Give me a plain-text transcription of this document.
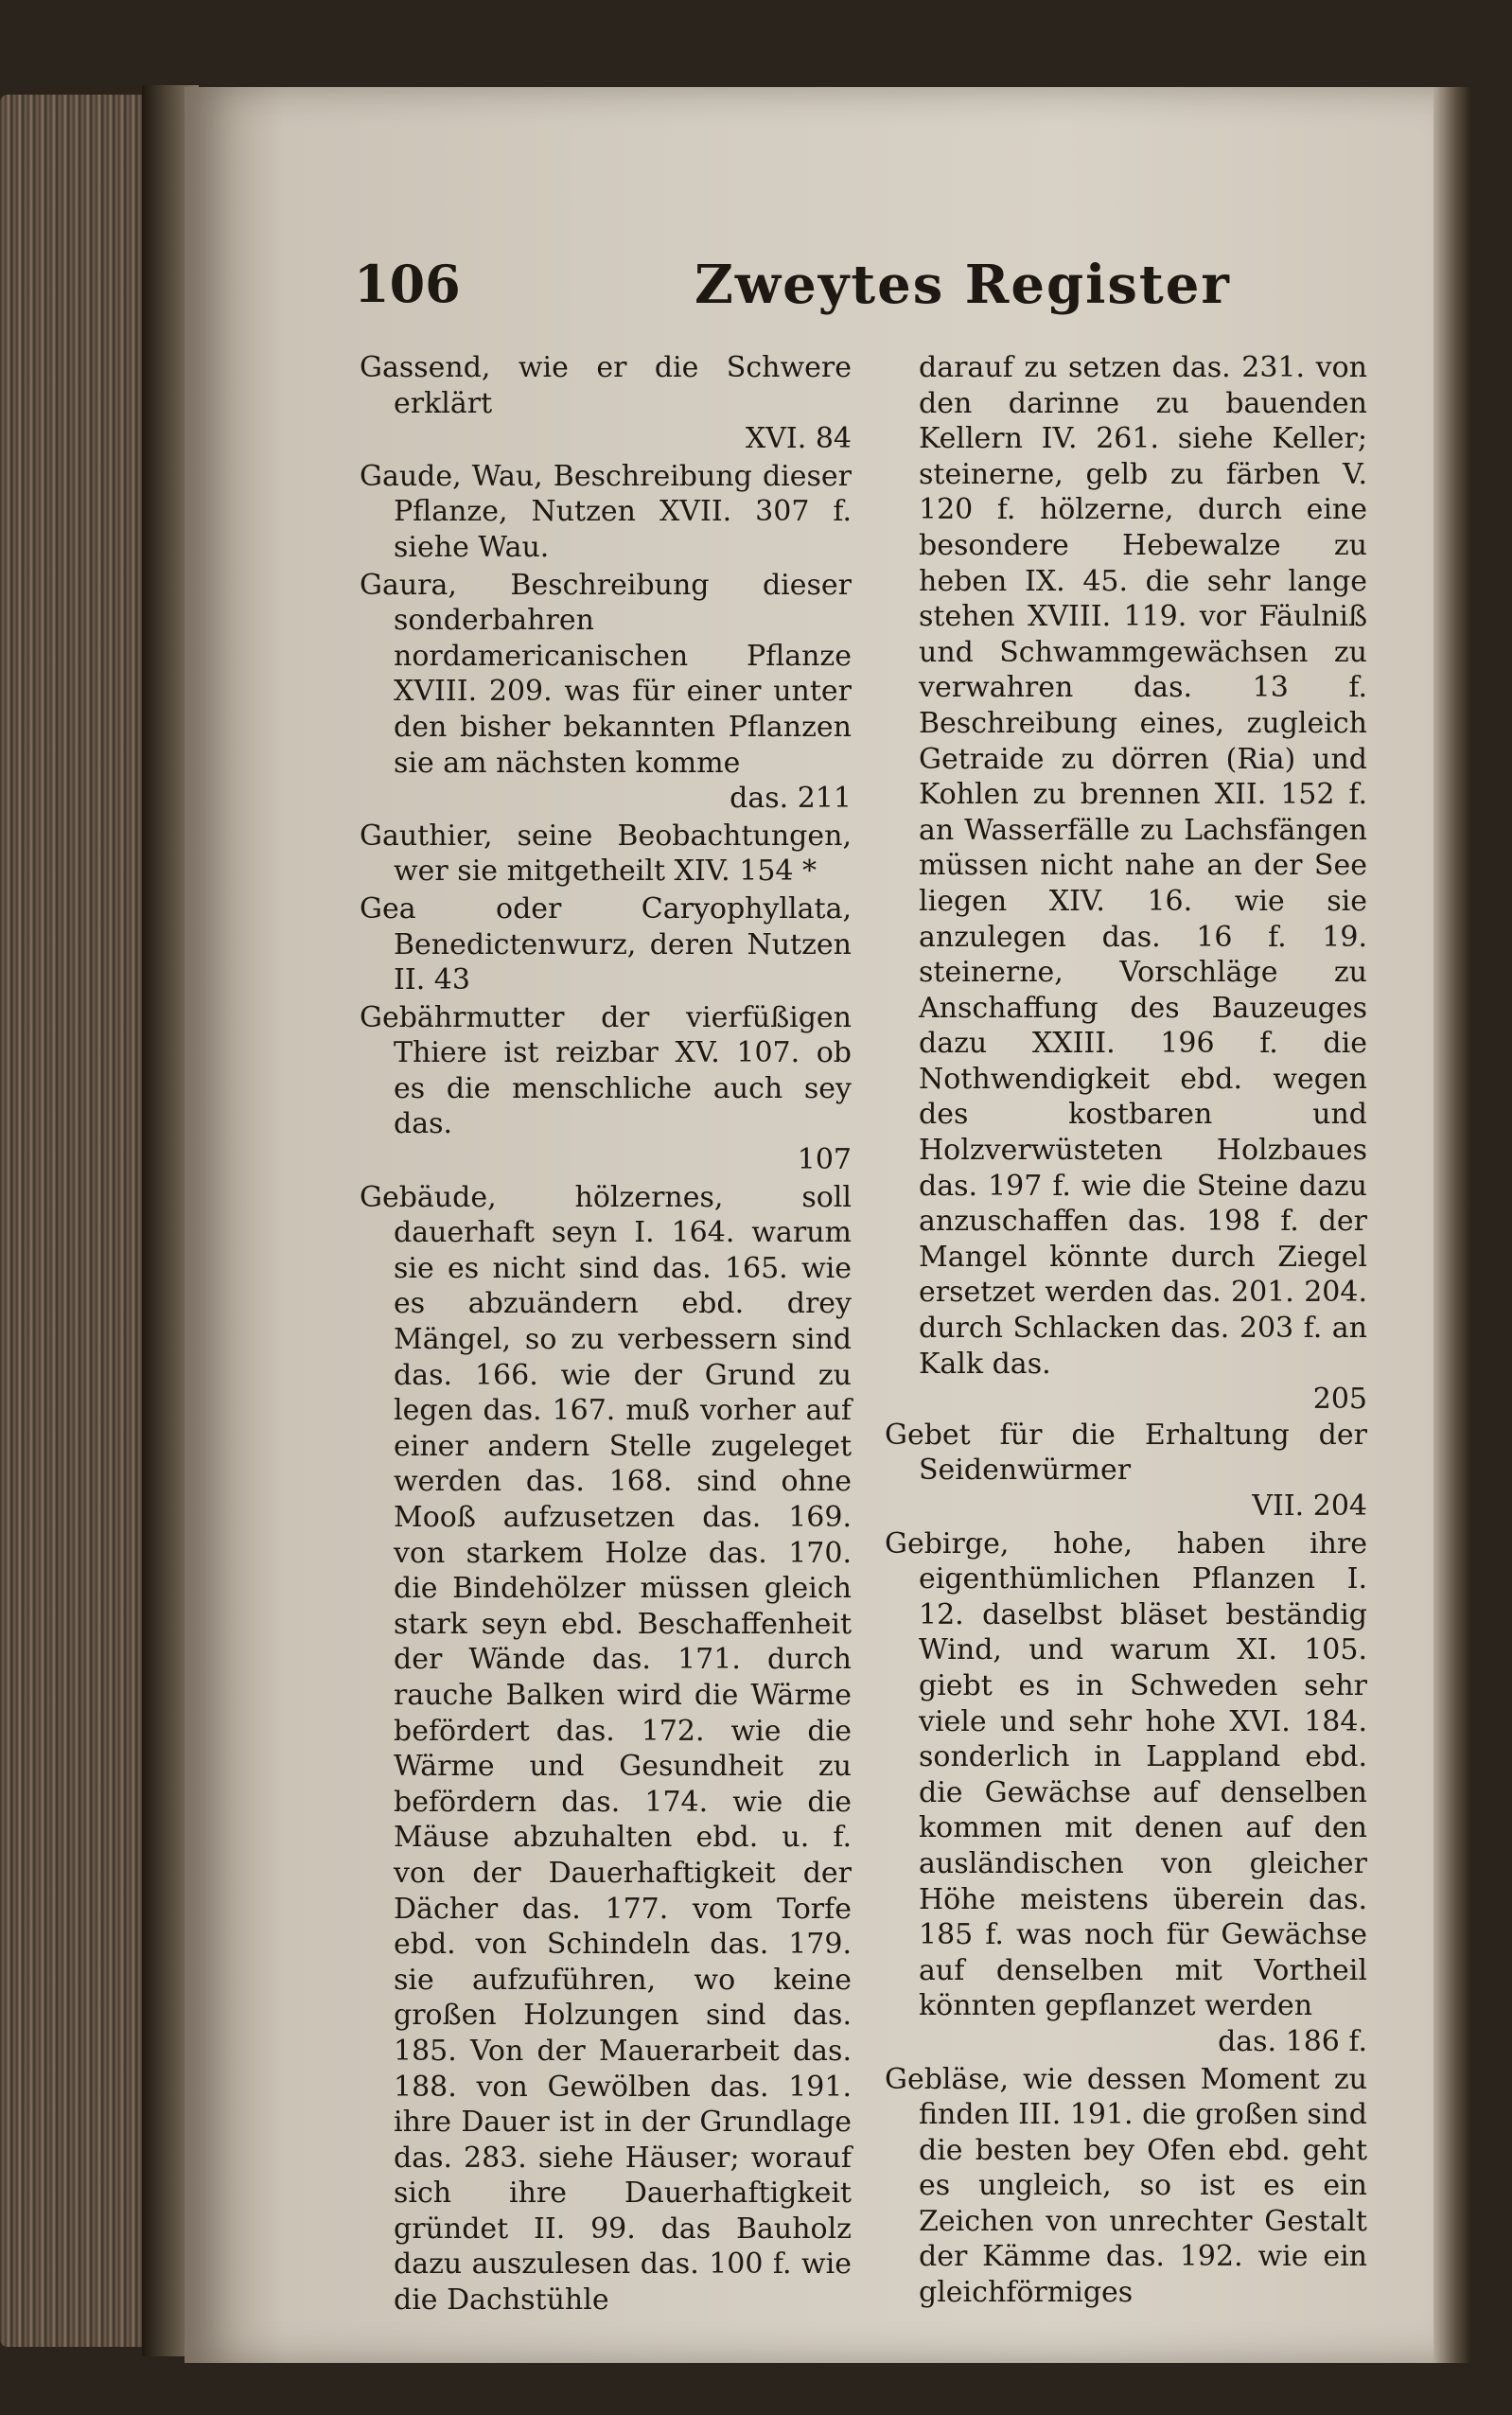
106	Zweytes Register

Gassend, wie er die Schwere erklärt
XVI. 84

Gaude, Wau, Beschreibung dieser Pflanze, Nutzen XVII. 307 f. siehe Wau.

Gaura, Beschreibung dieser sonderbahren nordamericanischen Pflanze XVIII. 209. was für einer unter den bisher bekannten Pflanzen sie am nächsten komme
das. 211

Gauthier, seine Beobachtungen, wer sie mitgetheilt XIV. 154 *

Gea oder Caryophyllata, Benedictenwurz, deren Nutzen II. 43

Gebährmutter der vierfüßigen Thiere ist reizbar XV. 107. ob es die menschliche auch sey das.
107

Gebäude, hölzernes, soll dauerhaft seyn I. 164. warum sie es nicht sind das. 165. wie es abzuändern ebd. drey Mängel, so zu verbessern sind das. 166. wie der Grund zu legen das. 167. muß vorher auf einer andern Stelle zugeleget werden das. 168. sind ohne Mooß aufzusetzen das. 169. von starkem Holze das. 170. die Bindehölzer müssen gleich stark seyn ebd. Beschaffenheit der Wände das. 171. durch rauche Balken wird die Wärme befördert das. 172. wie die Wärme und Gesundheit zu befördern das. 174. wie die Mäuse abzuhalten ebd. u. f. von der Dauerhaftigkeit der Dächer das. 177. vom Torfe ebd. von Schindeln das. 179. sie aufzuführen, wo keine großen Holzungen sind das. 185. Von der Mauerarbeit das. 188. von Gewölben das. 191. ihre Dauer ist in der Grundlage das. 283. siehe Häuser; worauf sich ihre Dauerhaftigkeit gründet II. 99. das Bauholz dazu auszulesen das. 100 f. wie die Dachstühle

darauf zu setzen das. 231. von den darinne zu bauenden Kellern IV. 261. siehe Keller; steinerne, gelb zu färben V. 120 f. hölzerne, durch eine besondere Hebewalze zu heben IX. 45. die sehr lange stehen XVIII. 119. vor Fäulniß und Schwammgewächsen zu verwahren das. 13 f. Beschreibung eines, zugleich Getraide zu dörren (Ria) und Kohlen zu brennen XII. 152 f. an Wasserfälle zu Lachsfängen müssen nicht nahe an der See liegen XIV. 16. wie sie anzulegen das. 16 f. 19. steinerne, Vorschläge zu Anschaffung des Bauzeuges dazu XXIII. 196 f. die Nothwendigkeit ebd. wegen des kostbaren und Holzverwüsteten Holzbaues das. 197 f. wie die Steine dazu anzuschaffen das. 198 f. der Mangel könnte durch Ziegel ersetzet werden das. 201. 204. durch Schlacken das. 203 f. an Kalk das.
205

Gebet für die Erhaltung der Seidenwürmer
VII. 204

Gebirge, hohe, haben ihre eigenthümlichen Pflanzen I. 12. daselbst bläset beständig Wind, und warum XI. 105. giebt es in Schweden sehr viele und sehr hohe XVI. 184. sonderlich in Lappland ebd. die Gewächse auf denselben kommen mit denen auf den ausländischen von gleicher Höhe meistens überein das. 185 f. was noch für Gewächse auf denselben mit Vortheil könnten gepflanzet werden
das. 186 f.

Gebläse, wie dessen Moment zu finden III. 191. die großen sind die besten bey Ofen ebd. geht es ungleich, so ist es ein Zeichen von unrechter Gestalt der Kämme das. 192. wie ein gleichförmiges
